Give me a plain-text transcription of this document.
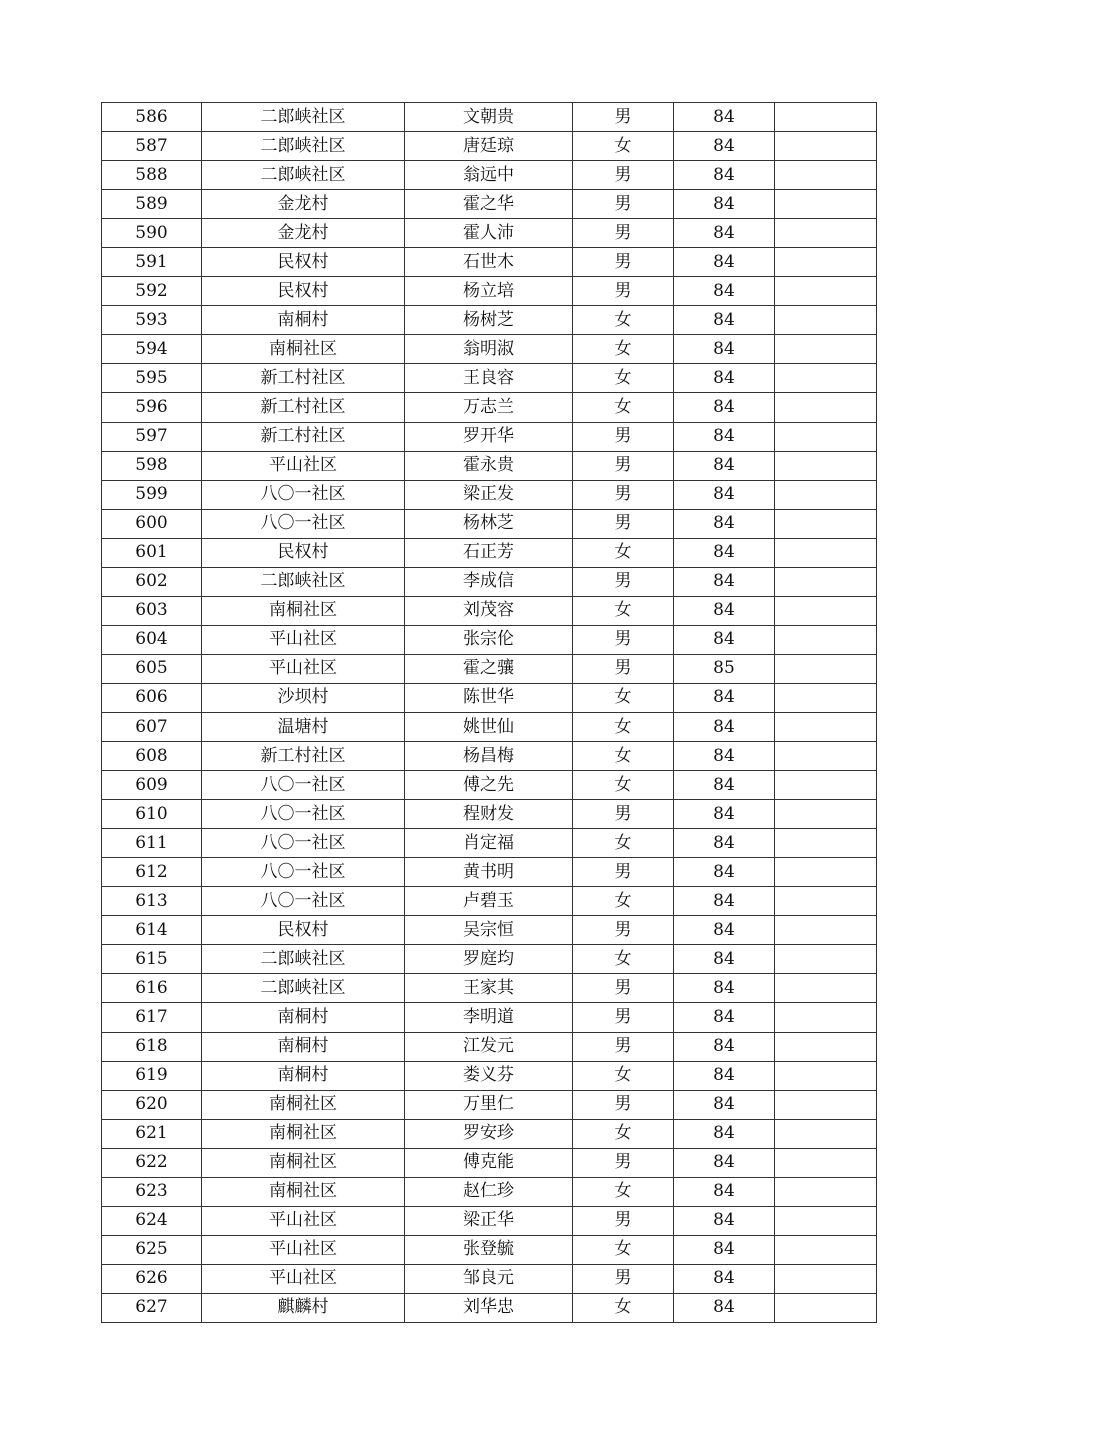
586	二郎峡社区	文朝贵	男	84	
587	二郎峡社区	唐廷琼	女	84	
588	二郎峡社区	翁远中	男	84	
589	金龙村	霍之华	男	84	
590	金龙村	霍人沛	男	84	
591	民权村	石世木	男	84	
592	民权村	杨立培	男	84	
593	南桐村	杨树芝	女	84	
594	南桐社区	翁明淑	女	84	
595	新工村社区	王良容	女	84	
596	新工村社区	万志兰	女	84	
597	新工村社区	罗开华	男	84	
598	平山社区	霍永贵	男	84	
599	八〇一社区	梁正发	男	84	
600	八〇一社区	杨林芝	男	84	
601	民权村	石正芳	女	84	
602	二郎峡社区	李成信	男	84	
603	南桐社区	刘茂容	女	84	
604	平山社区	张宗伦	男	84	
605	平山社区	霍之骧	男	85	
606	沙坝村	陈世华	女	84	
607	温塘村	姚世仙	女	84	
608	新工村社区	杨昌梅	女	84	
609	八〇一社区	傅之先	女	84	
610	八〇一社区	程财发	男	84	
611	八〇一社区	肖定福	女	84	
612	八〇一社区	黄书明	男	84	
613	八〇一社区	卢碧玉	女	84	
614	民权村	吴宗恒	男	84	
615	二郎峡社区	罗庭均	女	84	
616	二郎峡社区	王家其	男	84	
617	南桐村	李明道	男	84	
618	南桐村	江发元	男	84	
619	南桐村	娄义芬	女	84	
620	南桐社区	万里仁	男	84	
621	南桐社区	罗安珍	女	84	
622	南桐社区	傅克能	男	84	
623	南桐社区	赵仁珍	女	84	
624	平山社区	梁正华	男	84	
625	平山社区	张登毓	女	84	
626	平山社区	邹良元	男	84	
627	麒麟村	刘华忠	女	84	
